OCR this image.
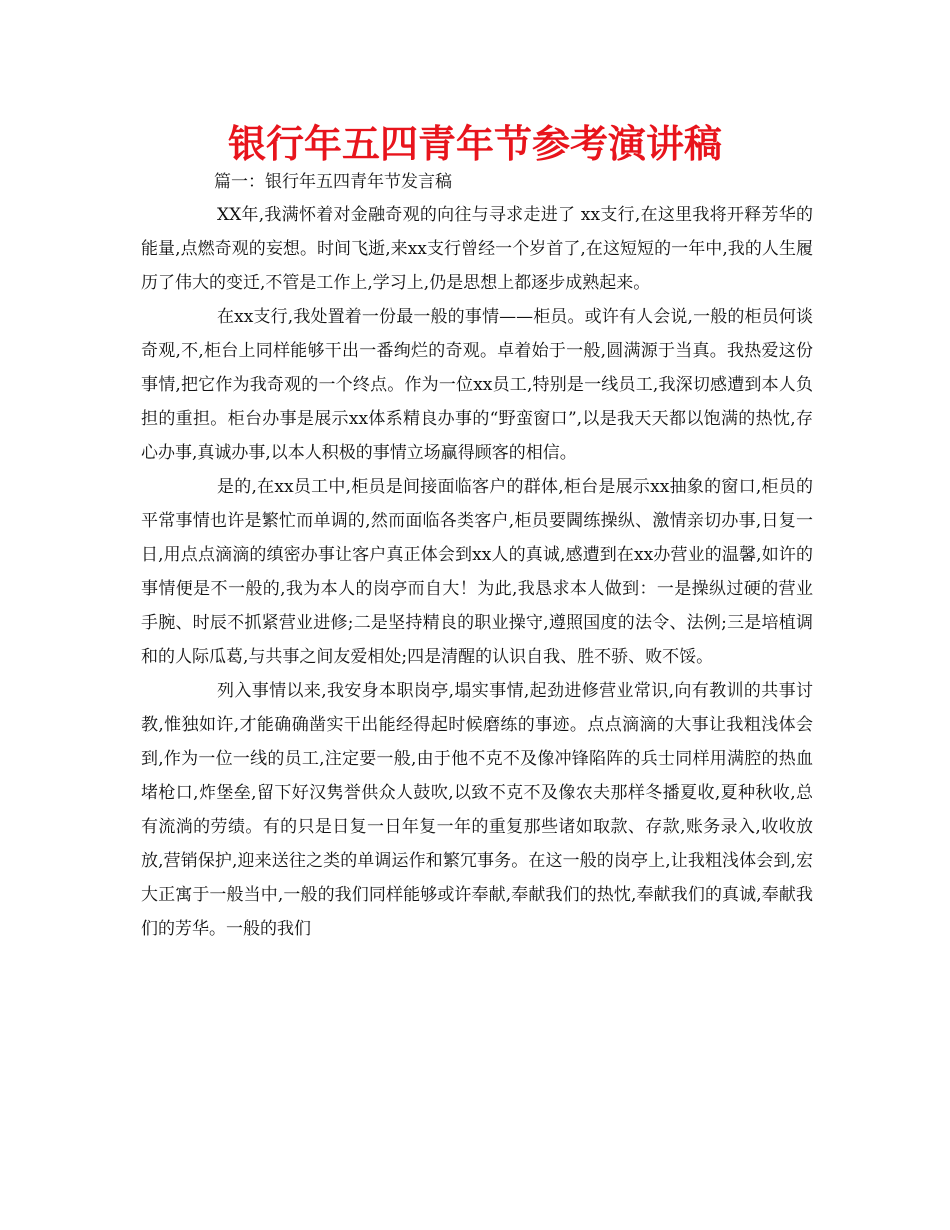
银行年五四青年节参考演讲稿
篇一：银行年五四青年节发言稿

XX年,我满怀着对金融奇观的向往与寻求走进了 xx支行,在这里我将开释芳华的能量,点燃奇观的妄想。时间飞逝,来xx支行曾经一个岁首了,在这短短的一年中,我的人生履历了伟大的变迁,不管是工作上,学习上,仍是思想上都逐步成熟起来。

在xx支行,我处置着一份最一般的事情——柜员。或许有人会说,一般的柜员何谈奇观,不,柜台上同样能够干出一番绚烂的奇观。卓着始于一般,圆满源于当真。我热爱这份事情,把它作为我奇观的一个终点。作为一位xx员工,特别是一线员工,我深切感遭到本人负担的重担。柜台办事是展示xx体系精良办事的“野蛮窗口”,以是我天天都以饱满的热忱,存心办事,真诚办事,以本人积极的事情立场赢得顾客的相信。

是的,在xx员工中,柜员是间接面临客户的群体,柜台是展示xx抽象的窗口,柜员的平常事情也许是繁忙而单调的,然而面临各类客户,柜员要閪练操纵、激情亲切办事,日复一日,用点点滴滴的缜密办事让客户真正体会到xx人的真诚,感遭到在xx办营业的温馨,如许的事情便是不一般的,我为本人的岗亭而自大！为此,我恳求本人做到：一是操纵过硬的营业手腕、时辰不抓紧营业进修;二是坚持精良的职业操守,遵照国度的法令、法例;三是培植调和的人际瓜葛,与共事之间友爱相处;四是清醒的认识自我、胜不骄、败不馁。

列入事情以来,我安身本职岗亭,塌实事情,起劲进修营业常识,向有教训的共事讨教,惟独如许,才能确确凿实干出能经得起时候磨练的事迹。点点滴滴的大事让我粗浅体会到,作为一位一线的员工,注定要一般,由于他不克不及像冲锋陷阵的兵士同样用满腔的热血堵枪口,炸堡垒,留下好汉隽誉供众人鼓吹,以致不克不及像农夫那样冬播夏收,夏种秋收,总有流淌的劳绩。有的只是日复一日年复一年的重复那些诸如取款、存款,账务录入,收收放放,营销保护,迎来送往之类的单调运作和繁冗事务。在这一般的岗亭上,让我粗浅体会到,宏大正寓于一般当中,一般的我们同样能够或许奉献,奉献我们的热忱,奉献我们的真诚,奉献我们的芳华。一般的我们
